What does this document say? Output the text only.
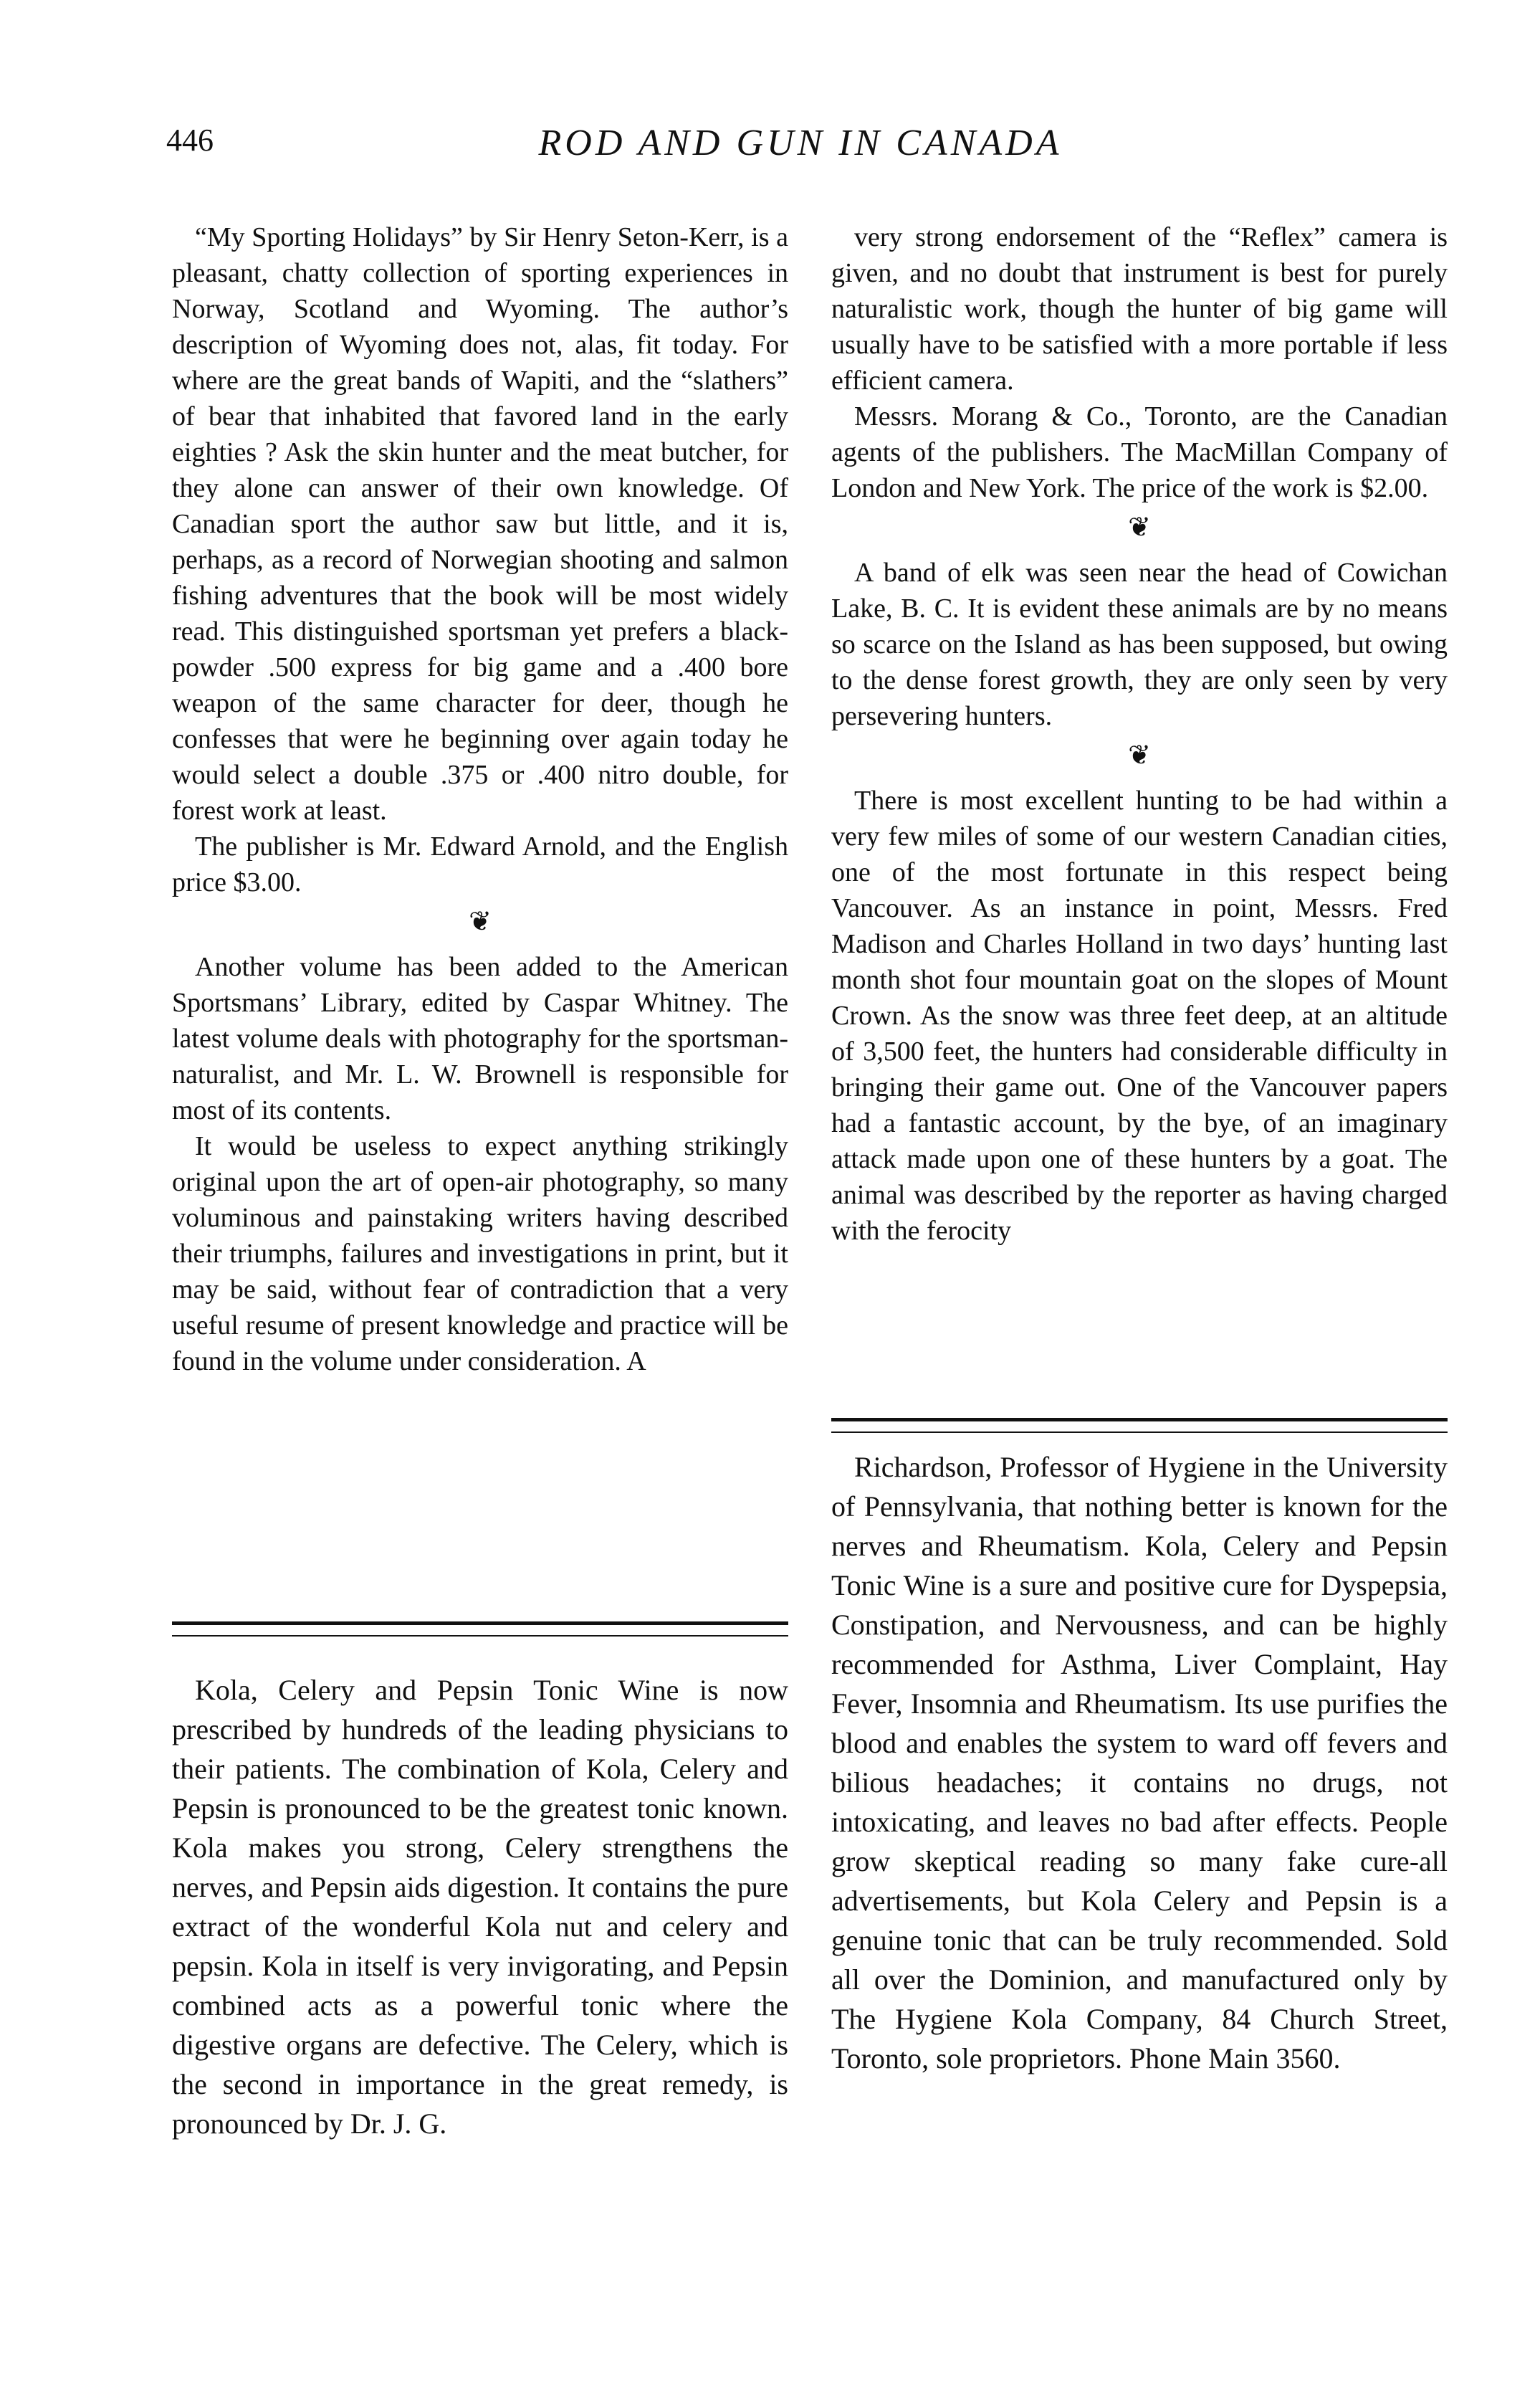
446	ROD AND GUN IN CANADA

“My Sporting Holidays” by Sir Henry Seton-Kerr, is a pleasant, chatty collection of sporting experiences in Norway, Scotland and Wyoming. The author’s description of Wyoming does not, alas, fit today. For where are the great bands of Wapiti, and the “slathers” of bear that inhabited that favored land in the early eighties ? Ask the skin hunter and the meat butcher, for they alone can answer of their own knowledge. Of Canadian sport the author saw but little, and it is, perhaps, as a record of Norwegian shooting and salmon fishing adventures that the book will be most widely read. This distinguished sportsman yet prefers a black-powder .500 express for big game and a .400 bore weapon of the same character for deer, though he confesses that were he beginning over again today he would select a double .375 or .400 nitro double, for forest work at least.

The publisher is Mr. Edward Arnold, and the English price $3.00.

❦

Another volume has been added to the American Sportsmans’ Library, edited by Caspar Whitney. The latest volume deals with photography for the sportsman-naturalist, and Mr. L. W. Brownell is responsible for most of its contents.

It would be useless to expect anything strikingly original upon the art of open-air photography, so many voluminous and painstaking writers having described their triumphs, failures and investigations in print, but it may be said, without fear of contradiction that a very useful resume of present knowledge and practice will be found in the volume under consideration. A

very strong endorsement of the “Reflex” camera is given, and no doubt that instrument is best for purely naturalistic work, though the hunter of big game will usually have to be satisfied with a more portable if less efficient camera.

Messrs. Morang & Co., Toronto, are the Canadian agents of the publishers. The MacMillan Company of London and New York. The price of the work is $2.00.

❦

A band of elk was seen near the head of Cowichan Lake, B. C. It is evident these animals are by no means so scarce on the Island as has been supposed, but owing to the dense forest growth, they are only seen by very persevering hunters.

❦

There is most excellent hunting to be had within a very few miles of some of our western Canadian cities, one of the most fortunate in this respect being Vancouver. As an instance in point, Messrs. Fred Madison and Charles Holland in two days’ hunting last month shot four mountain goat on the slopes of Mount Crown. As the snow was three feet deep, at an altitude of 3,500 feet, the hunters had considerable difficulty in bringing their game out. One of the Vancouver papers had a fantastic account, by the bye, of an imaginary attack made upon one of these hunters by a goat. The animal was described by the reporter as having charged with the ferocity

Kola, Celery and Pepsin Tonic Wine is now prescribed by hundreds of the leading physicians to their patients. The combination of Kola, Celery and Pepsin is pronounced to be the greatest tonic known. Kola makes you strong, Celery strengthens the nerves, and Pepsin aids digestion. It contains the pure extract of the wonderful Kola nut and celery and pepsin. Kola in itself is very invigorating, and Pepsin combined acts as a powerful tonic where the digestive organs are defective. The Celery, which is the second in importance in the great remedy, is pronounced by Dr. J. G.

Richardson, Professor of Hygiene in the University of Pennsylvania, that nothing better is known for the nerves and Rheumatism. Kola, Celery and Pepsin Tonic Wine is a sure and positive cure for Dyspepsia, Constipation, and Nervousness, and can be highly recommended for Asthma, Liver Complaint, Hay Fever, Insomnia and Rheumatism. Its use purifies the blood and enables the system to ward off fevers and bilious headaches; it contains no drugs, not intoxicating, and leaves no bad after effects. People grow skeptical reading so many fake cure-all advertisements, but Kola Celery and Pepsin is a genuine tonic that can be truly recommended. Sold all over the Dominion, and manufactured only by The Hygiene Kola Company, 84 Church Street, Toronto, sole proprietors. Phone Main 3560.
